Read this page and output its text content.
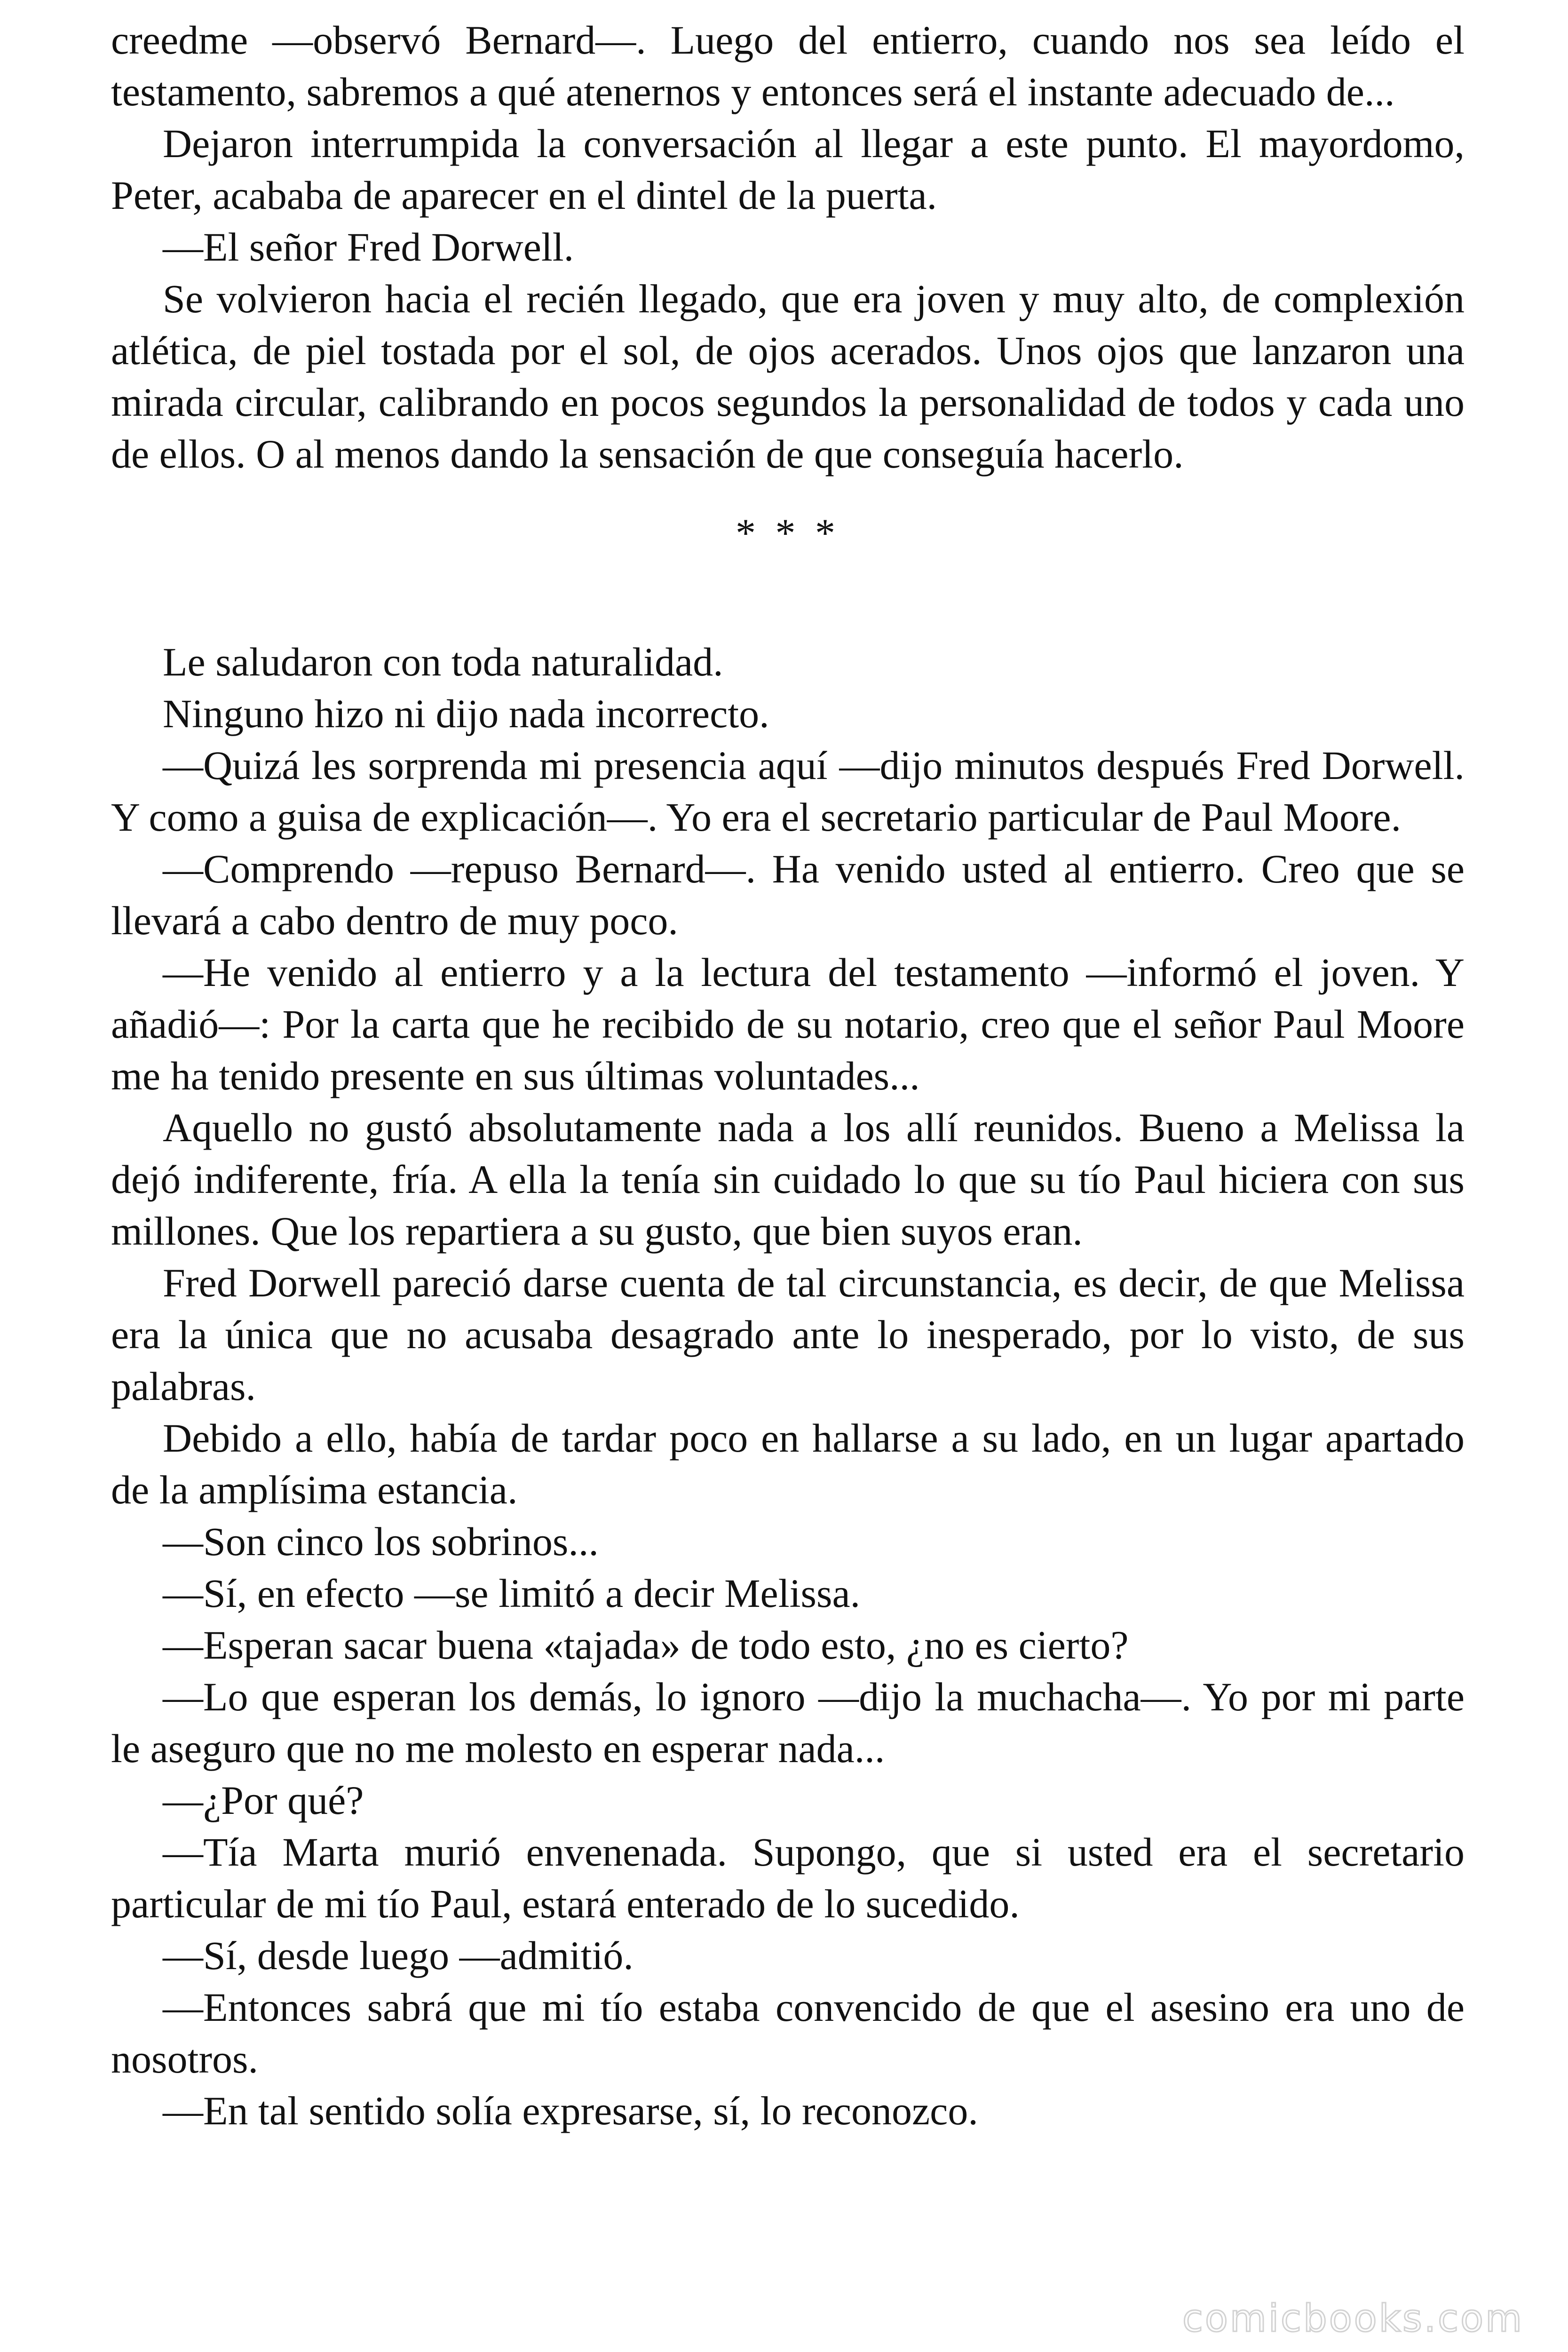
creedme —observó Bernard—. Luego del entierro, cuando nos sea leído el testamento, sabremos a qué atenernos y entonces será el instante adecuado de...

Dejaron interrumpida la conversación al llegar a este punto. El mayordomo, Peter, acababa de aparecer en el dintel de la puerta.

—El señor Fred Dorwell.

Se volvieron hacia el recién llegado, que era joven y muy alto, de complexión atlética, de piel tostada por el sol, de ojos acerados. Unos ojos que lanzaron una mirada circular, calibrando en pocos segundos la personalidad de todos y cada uno de ellos. O al menos dando la sensación de que conseguía hacerlo.

* * *

Le saludaron con toda naturalidad.

Ninguno hizo ni dijo nada incorrecto.

—Quizá les sorprenda mi presencia aquí —dijo minutos después Fred Dorwell. Y como a guisa de explicación—. Yo era el secretario particular de Paul Moore.

—Comprendo —repuso Bernard—. Ha venido usted al entierro. Creo que se llevará a cabo dentro de muy poco.

—He venido al entierro y a la lectura del testamento —informó el joven. Y añadió—: Por la carta que he recibido de su notario, creo que el señor Paul Moore me ha tenido presente en sus últimas voluntades...

Aquello no gustó absolutamente nada a los allí reunidos. Bueno a Melissa la dejó indiferente, fría. A ella la tenía sin cuidado lo que su tío Paul hiciera con sus millones. Que los repartiera a su gusto, que bien suyos eran.

Fred Dorwell pareció darse cuenta de tal circunstancia, es decir, de que Melissa era la única que no acusaba desagrado ante lo inesperado, por lo visto, de sus palabras.

Debido a ello, había de tardar poco en hallarse a su lado, en un lugar apartado de la amplísima estancia.

—Son cinco los sobrinos...

—Sí, en efecto —se limitó a decir Melissa.

—Esperan sacar buena «tajada» de todo esto, ¿no es cierto?

—Lo que esperan los demás, lo ignoro —dijo la muchacha—. Yo por mi parte le aseguro que no me molesto en esperar nada...

—¿Por qué?

—Tía Marta murió envenenada. Supongo, que si usted era el secretario particular de mi tío Paul, estará enterado de lo sucedido.

—Sí, desde luego —admitió.

—Entonces sabrá que mi tío estaba convencido de que el asesino era uno de nosotros.

—En tal sentido solía expresarse, sí, lo reconozco.

comicbooks.com
